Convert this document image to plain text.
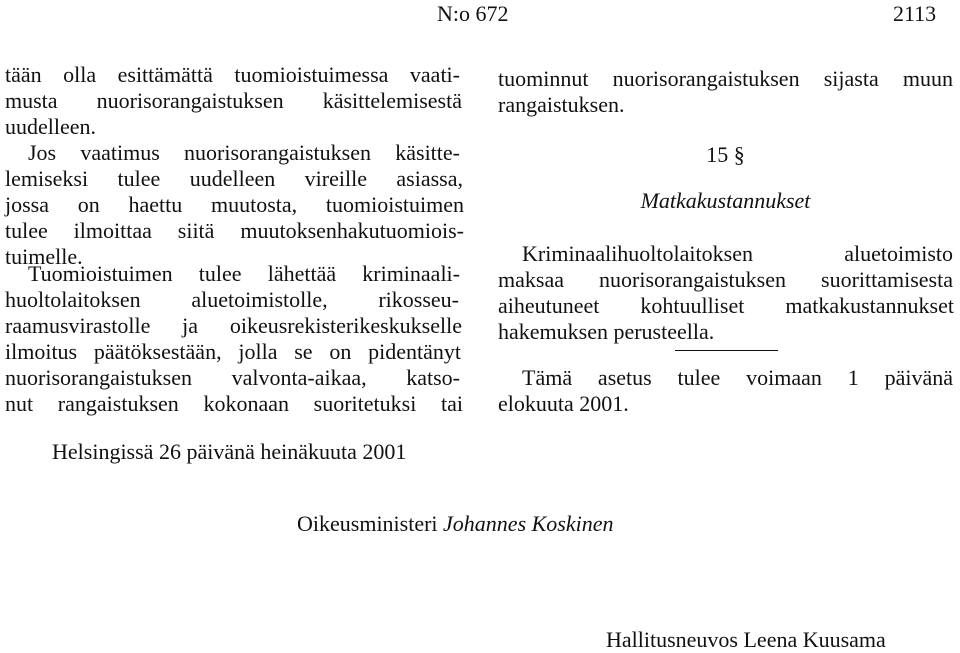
N:o 672	2113
tään olla esittämättä tuomioistuimessa vaati-
musta nuorisorangaistuksen käsittelemisestä
uudelleen.
Jos vaatimus nuorisorangaistuksen käsitte-
lemiseksi tulee uudelleen vireille asiassa,
jossa on haettu muutosta, tuomioistuimen
tulee ilmoittaa siitä muutoksenhakutuomiois-
tuimelle.
Tuomioistuimen tulee lähettää kriminaali-
huoltolaitoksen aluetoimistolle, rikosseu-
raamusvirastolle ja oikeusrekisterikeskukselle
ilmoitus päätöksestään, jolla se on pidentänyt
nuorisorangaistuksen valvonta-aikaa, katso-
nut rangaistuksen kokonaan suoritetuksi tai
tuominnut nuorisorangaistuksen sijasta muun
rangaistuksen.
15 §
Matkakustannukset
Kriminaalihuoltolaitoksen aluetoimisto
maksaa nuorisorangaistuksen suorittamisesta
aiheutuneet kohtuulliset matkakustannukset
hakemuksen perusteella.
Tämä asetus tulee voimaan 1 päivänä
elokuuta 2001.
Helsingissä 26 päivänä heinäkuuta 2001
Oikeusministeri Johannes Koskinen
Hallitusneuvos Leena Kuusama
